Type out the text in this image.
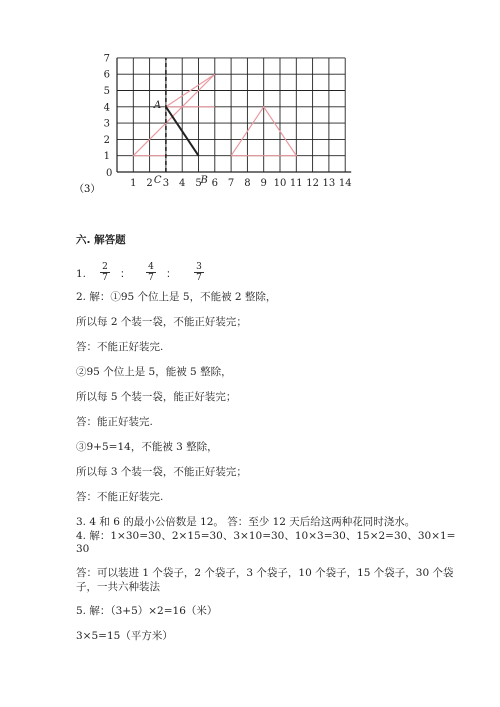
1 2 3 4 5 6 7 8 9 10 11 12 13 14
1
2
3
4
5
6
7
A
B
C
0
（3）
六. 解答题
1. $\frac{2}{7}$ ： $\frac{4}{7}$ ： $\frac{3}{7}$
2. 解：①95 个位上是 5，不能被 2 整除，
所以每 2 个装一袋，不能正好装完；
答：不能正好装完.
②95 个位上是 5，能被 5 整除，
所以每 5 个装一袋，能正好装完；
答：能正好装完.
③9+5=14，不能被 3 整除，
所以每 3 个装一袋，不能正好装完；
答：不能正好装完.
3. 4 和 6 的最小公倍数是 12。 答：至少 12 天后给这两种花同时浇水。
4. 解：1×30=30、2×15=30、3×10=30、10×3=30、15×2=30、30×1=
30
答：可以装进 1 个袋子，2 个袋子，3 个袋子，10 个袋子，15 个袋子，30 个袋
子，一共六种装法
5. 解：（3+5）×2=16（米）
3×5=15（平方米）
